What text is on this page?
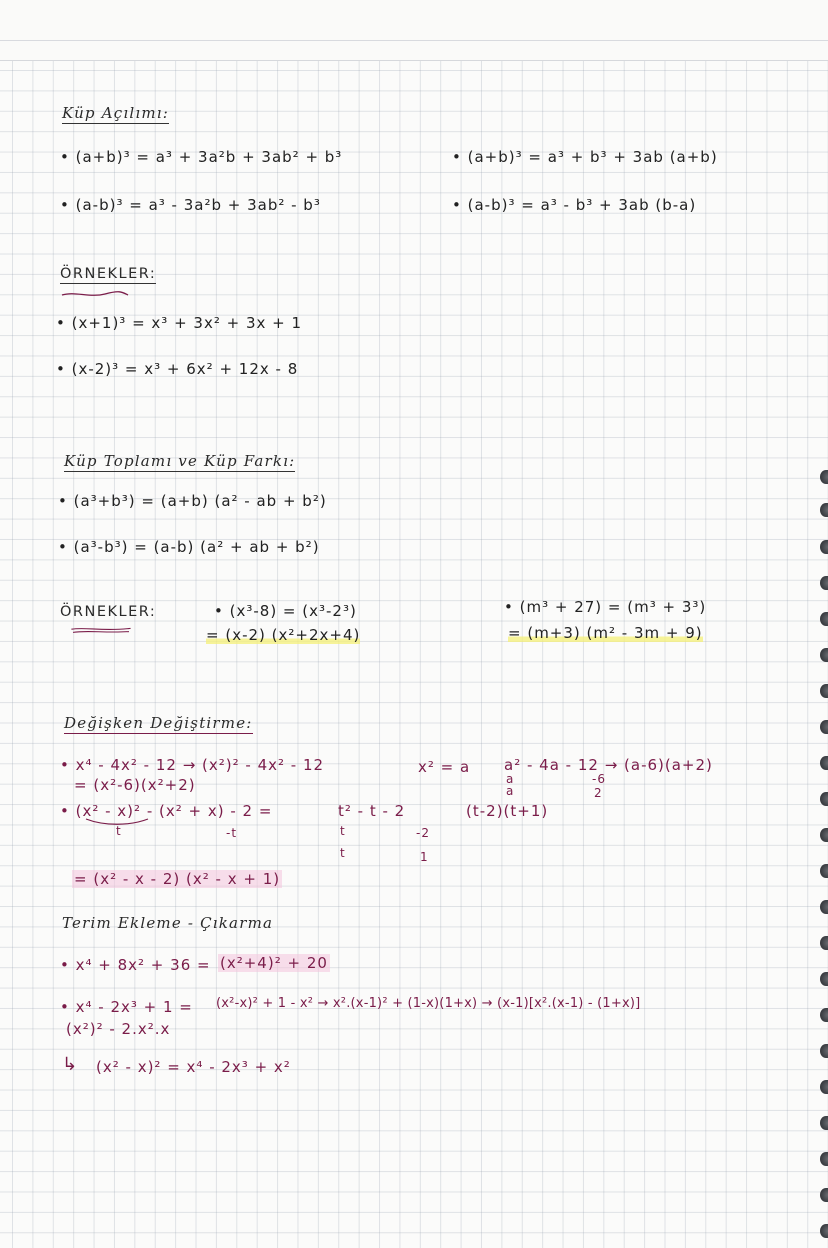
Küp Açılımı:
• (a+b)³ = a³ + 3a²b + 3ab² + b³
• (a-b)³ = a³ - 3a²b + 3ab² - b³
• (a+b)³ = a³ + b³ + 3ab (a+b)
• (a-b)³ = a³ - b³ + 3ab (b-a)
ÖRNEKLER:
• (x+1)³ = x³ + 3x² + 3x + 1
• (x-2)³ = x³ + 6x² + 12x - 8
Küp Toplamı ve Küp Farkı:
• (a³+b³) = (a+b) (a² - ab + b²)
• (a³-b³) = (a-b) (a² + ab + b²)
ÖRNEKLER:	• (x³-8) = (x³-2³)
= (x-2) (x²+2x+4)
• (m³ + 27) = (m³ + 3³)
= (m+3) (m² - 3m + 9)
Değişken Değiştirme:
• x⁴ - 4x² - 12 → (x²)² - 4x² - 12	x² = a a² - 4a - 12 → (a-6)(a+2)
= (x²-6)(x²+2)	a
a
-6
2
• (x² - x)² - (x² + x) - 2 =	t² - t - 2	(t-2)(t+1)
t	-t	t
t
-2
1
= (x² - x - 2) (x² - x + 1)
Terim Ekleme - Çıkarma
• x⁴ + 8x² + 36 = (x²+4)² + 20
• x⁴ - 2x³ + 1 = (x²-x)² + 1 - x² → x².(x-1)² + (1-x)(1+x) → (x-1)[x².(x-1) - (1+x)]
(x²)² - 2.x².x
↳ (x² - x)² = x⁴ - 2x³ + x²
